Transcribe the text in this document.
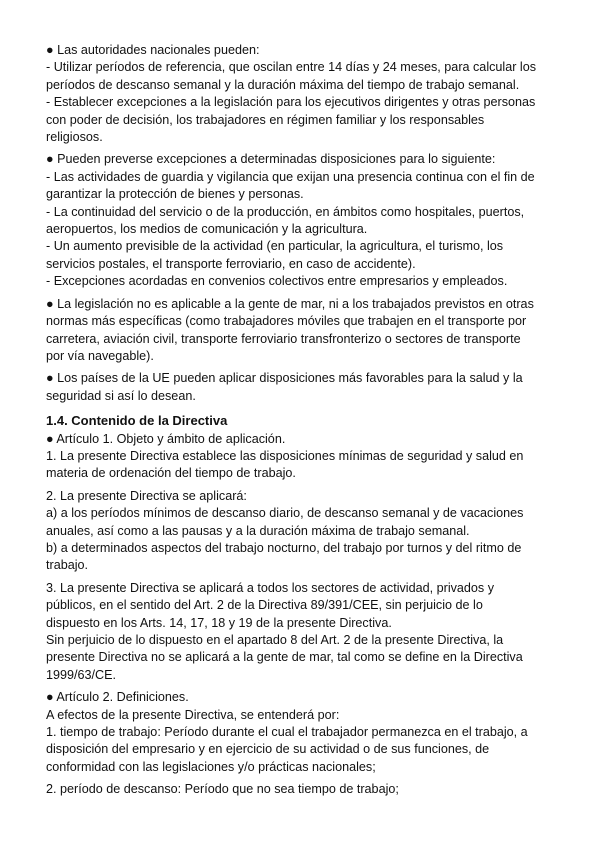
● Las autoridades nacionales pueden:
- Utilizar períodos de referencia, que oscilan entre 14 días y 24 meses, para calcular los
períodos de descanso semanal y la duración máxima del tiempo de trabajo semanal.
- Establecer excepciones a la legislación para los ejecutivos dirigentes y otras personas
con poder de decisión, los trabajadores en régimen familiar y los responsables
religiosos.
● Pueden preverse excepciones a determinadas disposiciones para lo siguiente:
- Las actividades de guardia y vigilancia que exijan una presencia continua con el fin de
garantizar la protección de bienes y personas.
- La continuidad del servicio o de la producción, en ámbitos como hospitales, puertos,
aeropuertos, los medios de comunicación y la agricultura.
- Un aumento previsible de la actividad (en particular, la agricultura, el turismo, los
servicios postales, el transporte ferroviario, en caso de accidente).
- Excepciones acordadas en convenios colectivos entre empresarios y empleados.
● La legislación no es aplicable a la gente de mar, ni a los trabajados previstos en otras
normas más específicas (como trabajadores móviles que trabajen en el transporte por
carretera, aviación civil, transporte ferroviario transfronterizo o sectores de transporte
por vía navegable).
● Los países de la UE pueden aplicar disposiciones más favorables para la salud y la
seguridad si así lo desean.
1.4. Contenido de la Directiva
● Artículo 1. Objeto y ámbito de aplicación.
1. La presente Directiva establece las disposiciones mínimas de seguridad y salud en
materia de ordenación del tiempo de trabajo.
2. La presente Directiva se aplicará:
a) a los períodos mínimos de descanso diario, de descanso semanal y de vacaciones
anuales, así como a las pausas y a la duración máxima de trabajo semanal.
b) a determinados aspectos del trabajo nocturno, del trabajo por turnos y del ritmo de
trabajo.
3. La presente Directiva se aplicará a todos los sectores de actividad, privados y
públicos, en el sentido del Art. 2 de la Directiva 89/391/CEE, sin perjuicio de lo
dispuesto en los Arts. 14, 17, 18 y 19 de la presente Directiva.
Sin perjuicio de lo dispuesto en el apartado 8 del Art. 2 de la presente Directiva, la
presente Directiva no se aplicará a la gente de mar, tal como se define en la Directiva
1999/63/CE.
● Artículo 2. Definiciones.
A efectos de la presente Directiva, se entenderá por:
1. tiempo de trabajo: Período durante el cual el trabajador permanezca en el trabajo, a
disposición del empresario y en ejercicio de su actividad o de sus funciones, de
conformidad con las legislaciones y/o prácticas nacionales;
2. período de descanso: Período que no sea tiempo de trabajo;
